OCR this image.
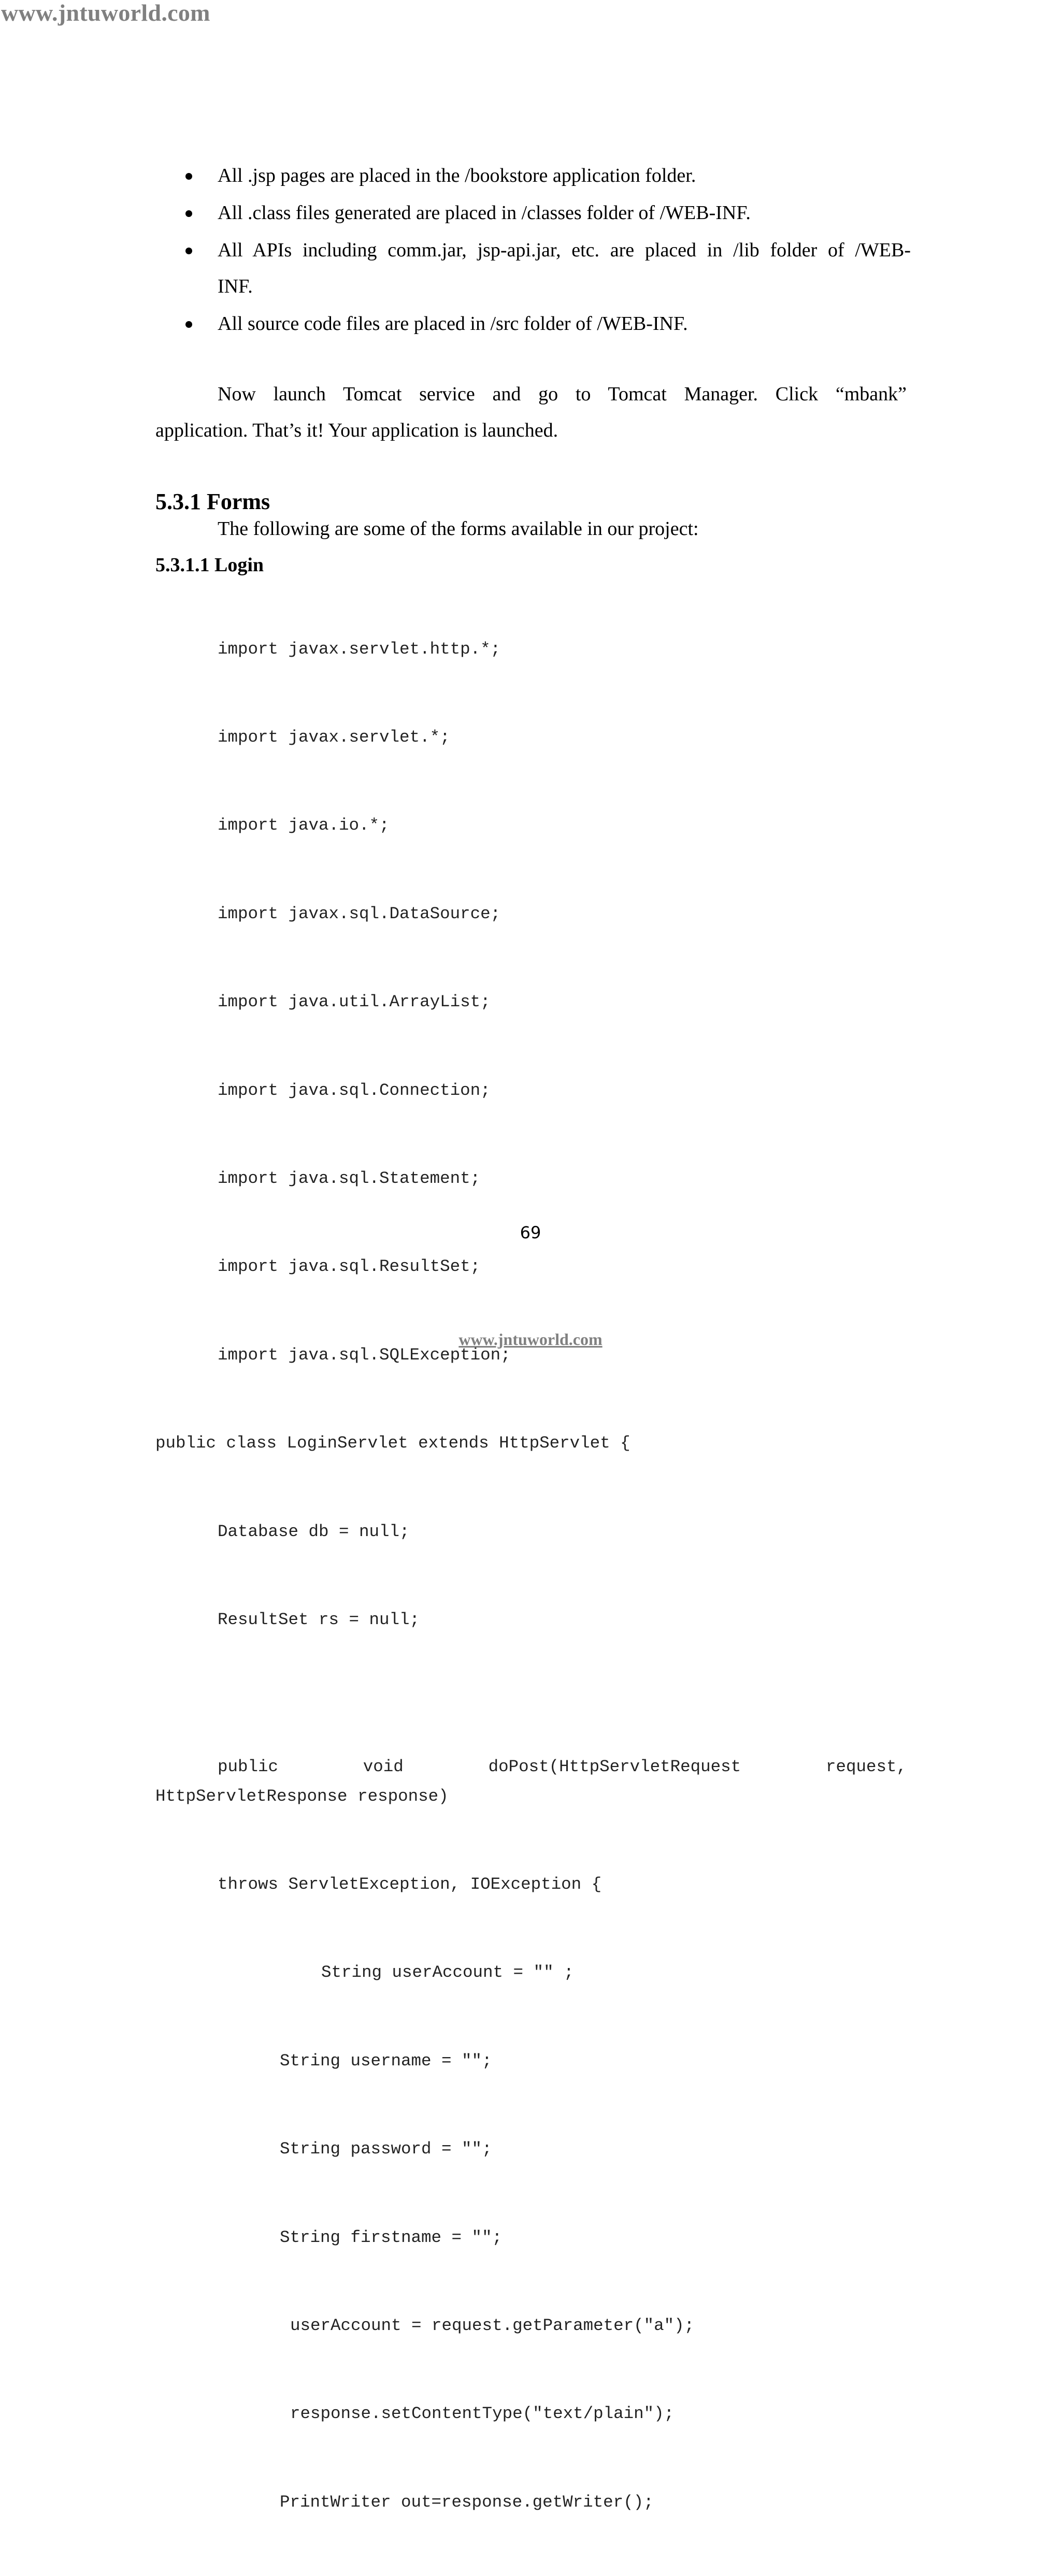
www.jntuworld.com
All .jsp pages are placed in the /bookstore application folder.
All .class files generated are placed in /classes folder of /WEB-INF.
All APIs including comm.jar, jsp-api.jar, etc. are placed in /lib folder of /WEB-
INF.
All source code files are placed in /src folder of /WEB-INF.
Now launch Tomcat service and go to Tomcat Manager. Click “mbank”
application. That’s it! Your application is launched.
5.3.1 Forms
The following are some of the forms available in our project:
5.3.1.1 Login

import javax.servlet.http.*;

import javax.servlet.*;

import java.io.*;

import javax.sql.DataSource;

import java.util.ArrayList;

import java.sql.Connection;

import java.sql.Statement;

import java.sql.ResultSet;

import java.sql.SQLException;

public class LoginServlet extends HttpServlet {

Database db = null;

ResultSet rs = null;

public	void	doPost(HttpServletRequest	request,

HttpServletResponse response)

throws ServletException, IOException {

String userAccount = "" ;

String username = "";

String password = "";

String firstname = "";

userAccount = request.getParameter("a");

response.setContentType("text/plain");

PrintWriter out=response.getWriter();

69
www.jntuworld.com
